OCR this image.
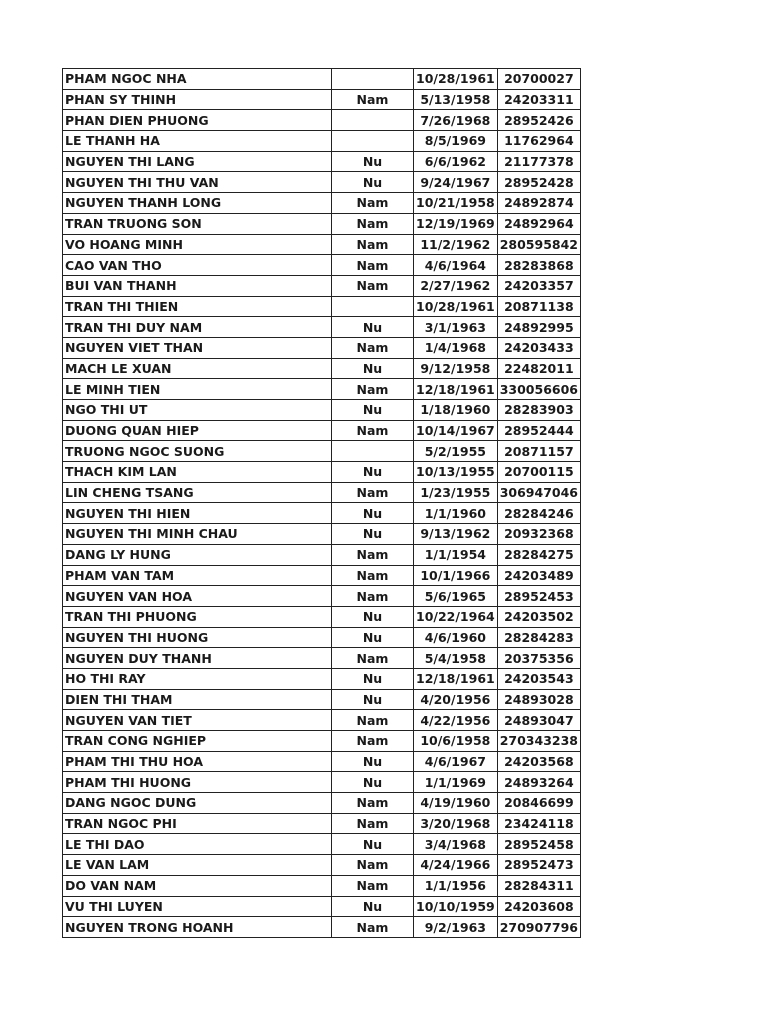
PHAM NGOC NHA		10/28/1961	20700027
PHAN SY THINH	Nam	5/13/1958	24203311
PHAN DIEN PHUONG		7/26/1968	28952426
LE THANH HA		8/5/1969	11762964
NGUYEN THI LANG	Nu	6/6/1962	21177378
NGUYEN THI THU VAN	Nu	9/24/1967	28952428
NGUYEN THANH LONG	Nam	10/21/1958	24892874
TRAN TRUONG SON	Nam	12/19/1969	24892964
VO HOANG MINH	Nam	11/2/1962	280595842
CAO VAN THO	Nam	4/6/1964	28283868
BUI VAN THANH	Nam	2/27/1962	24203357
TRAN THI THIEN		10/28/1961	20871138
TRAN THI DUY NAM	Nu	3/1/1963	24892995
NGUYEN VIET THAN	Nam	1/4/1968	24203433
MACH LE XUAN	Nu	9/12/1958	22482011
LE MINH TIEN	Nam	12/18/1961	330056606
NGO THI UT	Nu	1/18/1960	28283903
DUONG QUAN HIEP	Nam	10/14/1967	28952444
TRUONG NGOC SUONG		5/2/1955	20871157
THACH KIM LAN	Nu	10/13/1955	20700115
LIN CHENG TSANG	Nam	1/23/1955	306947046
NGUYEN THI HIEN	Nu	1/1/1960	28284246
NGUYEN THI MINH CHAU	Nu	9/13/1962	20932368
DANG LY HUNG	Nam	1/1/1954	28284275
PHAM VAN TAM	Nam	10/1/1966	24203489
NGUYEN VAN HOA	Nam	5/6/1965	28952453
TRAN THI PHUONG	Nu	10/22/1964	24203502
NGUYEN THI HUONG	Nu	4/6/1960	28284283
NGUYEN DUY THANH	Nam	5/4/1958	20375356
HO THI RAY	Nu	12/18/1961	24203543
DIEN THI THAM	Nu	4/20/1956	24893028
NGUYEN VAN TIET	Nam	4/22/1956	24893047
TRAN CONG NGHIEP	Nam	10/6/1958	270343238
PHAM THI THU HOA	Nu	4/6/1967	24203568
PHAM THI HUONG	Nu	1/1/1969	24893264
DANG NGOC DUNG	Nam	4/19/1960	20846699
TRAN NGOC PHI	Nam	3/20/1968	23424118
LE THI DAO	Nu	3/4/1968	28952458
LE VAN LAM	Nam	4/24/1966	28952473
DO VAN NAM	Nam	1/1/1956	28284311
VU THI LUYEN	Nu	10/10/1959	24203608
NGUYEN TRONG HOANH	Nam	9/2/1963	270907796
